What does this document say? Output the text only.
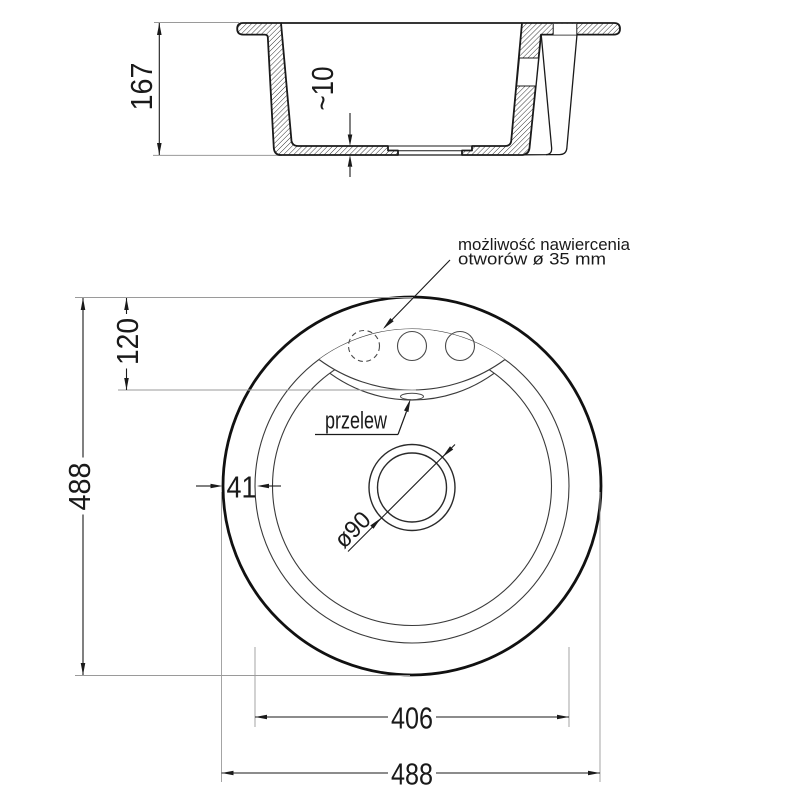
167	~10
ø90
przelew
możliwość nawiercenia
otworów ø 35 mm
488
120
41
406
488
